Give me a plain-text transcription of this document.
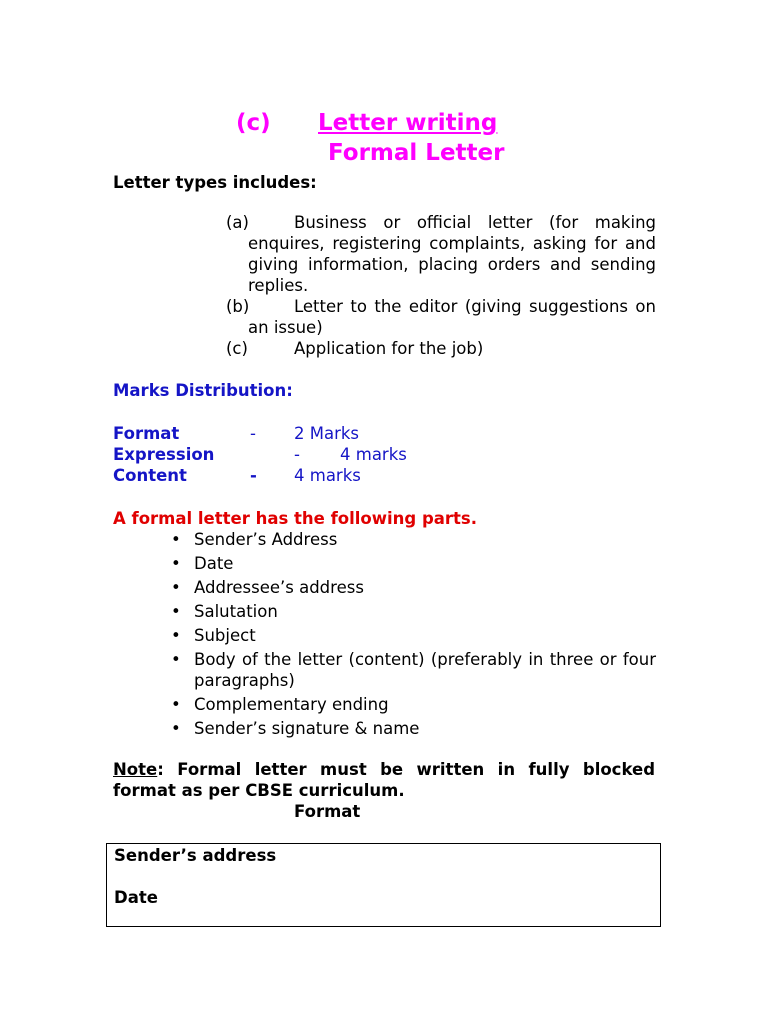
(c) Letter writing
Formal Letter
Letter types includes:
(a)	Business or official letter (for making enquires, registering complaints, asking for and giving information, placing orders and sending replies.
(b)	Letter to the editor (giving suggestions on an issue)
(c)	Application for the job)
Marks Distribution:
Format	- 2 Marks
Expression	- 4 marks
Content	- 4 marks
A formal letter has the following parts.
• Sender’s Address
• Date
• Addressee’s address
• Salutation
• Subject
• Body of the letter (content) (preferably in three or four paragraphs)
• Complementary ending
• Sender’s signature & name
Note: Formal letter must be written in fully blocked format as per CBSE curriculum.
Format
Sender’s address
Date
